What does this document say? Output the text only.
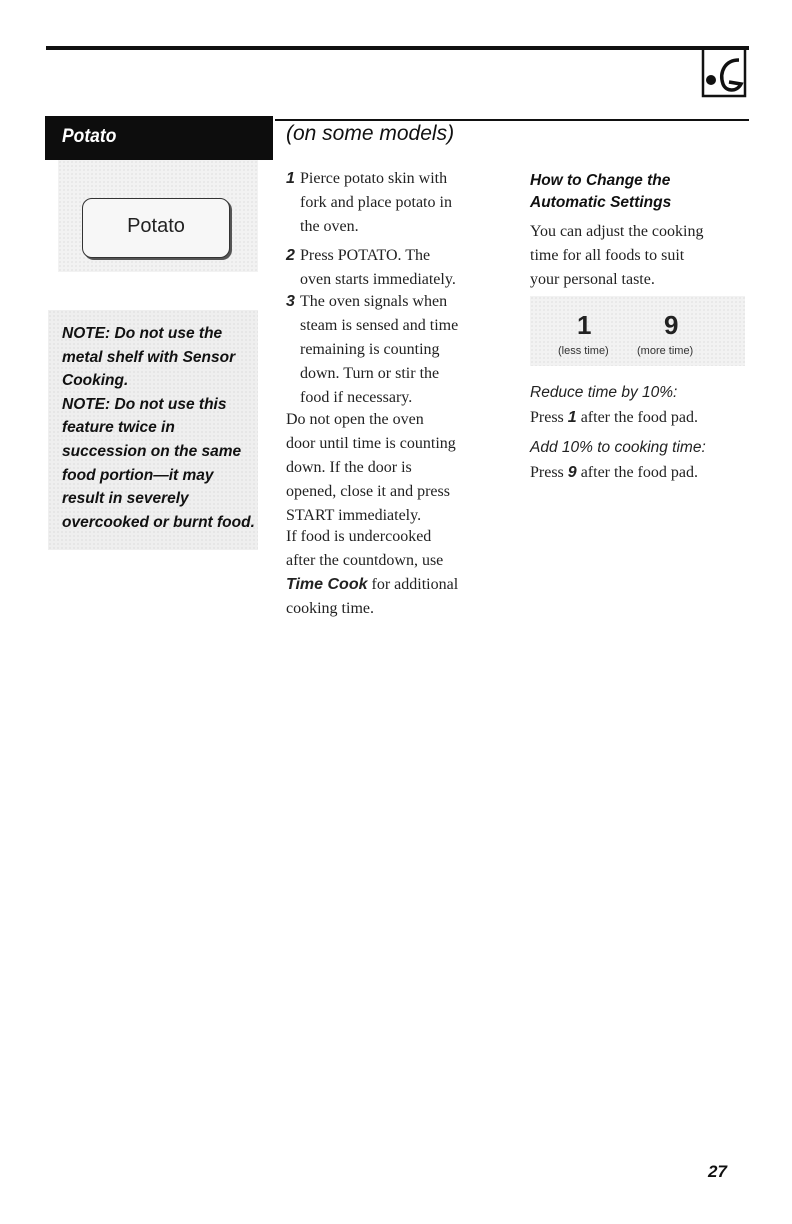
Potato	(on some models)
Potato
NOTE: Do not use the
metal shelf with Sensor
Cooking.
NOTE: Do not use this
feature twice in
succession on the same
food portion—it may
result in severely
overcooked or burnt food.
1 Pierce potato skin with
fork and place potato in
the oven.
2 Press POTATO. The
oven starts immediately.
3 The oven signals when
steam is sensed and time
remaining is counting
down. Turn or stir the
food if necessary.
Do not open the oven
door until time is counting
down. If the door is
opened, close it and press
START immediately.
If food is undercooked
after the countdown, use
Time Cook for additional
cooking time.
How to Change the
Automatic Settings
You can adjust the cooking
time for all foods to suit
your personal taste.
1
(less time)
9
(more time)
Reduce time by 10%:
Press 1 after the food pad.
Add 10% to cooking time:
Press 9 after the food pad.
27
